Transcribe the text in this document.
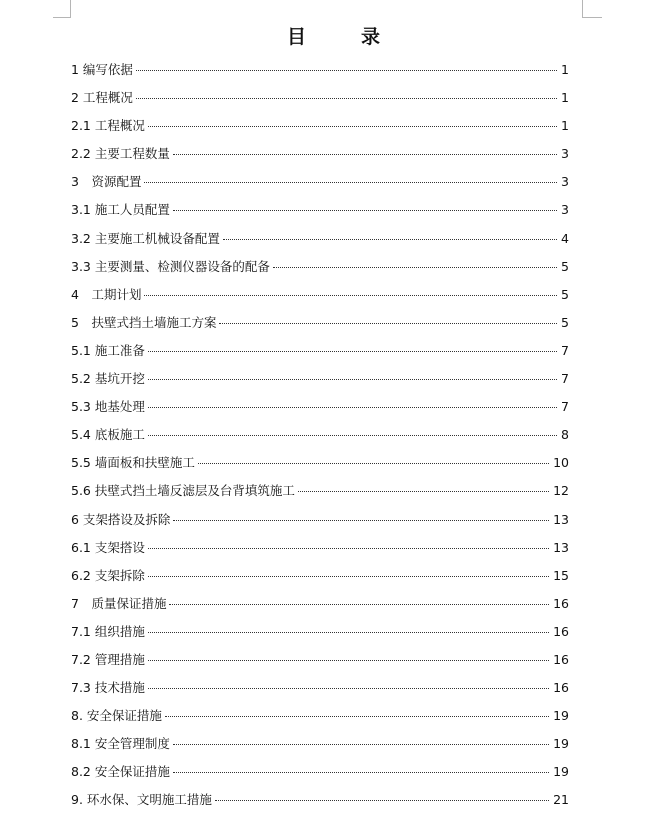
目　录
1 编写依据	1
2 工程概况	1
2.1 工程概况	1
2.2 主要工程数量	3
3　资源配置	3
3.1 施工人员配置	3
3.2 主要施工机械设备配置	4
3.3 主要测量、检测仪器设备的配备	5
4　工期计划	5
5　扶壁式挡土墙施工方案	5
5.1 施工准备	7
5.2 基坑开挖	7
5.3 地基处理	7
5.4 底板施工	8
5.5 墙面板和扶壁施工	10
5.6 扶壁式挡土墙反滤层及台背填筑施工	12
6 支架搭设及拆除	13
6.1 支架搭设	13
6.2 支架拆除	15
7　质量保证措施	16
7.1 组织措施	16
7.2 管理措施	16
7.3 技术措施	16
8. 安全保证措施	19
8.1 安全管理制度	19
8.2 安全保证措施	19
9. 环水保、文明施工措施	21
